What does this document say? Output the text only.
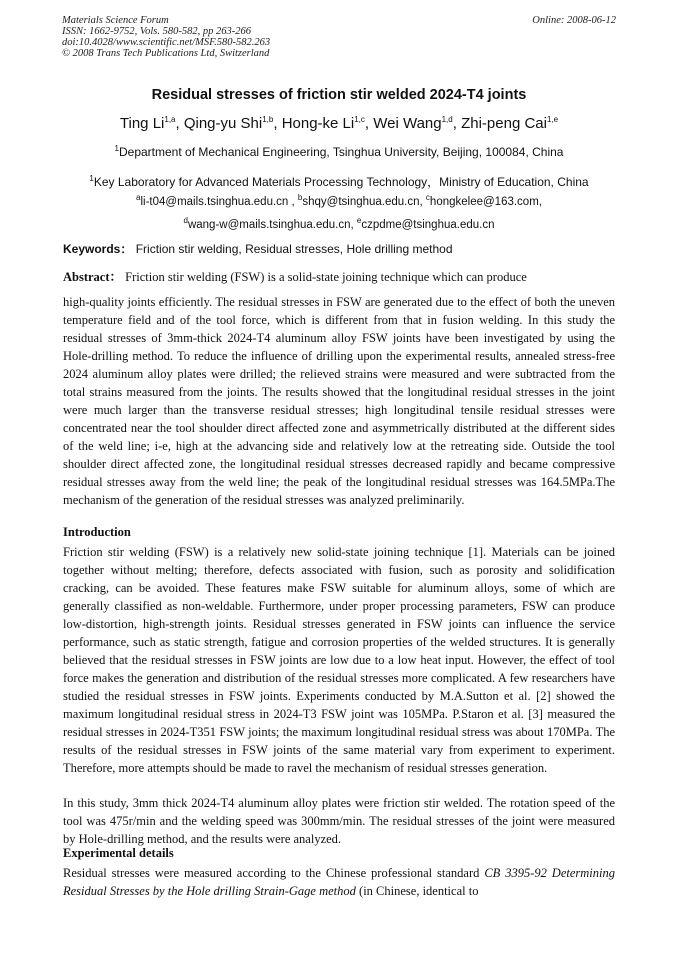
Materials Science Forum
ISSN: 1662-9752, Vols. 580-582, pp 263-266
doi:10.4028/www.scientific.net/MSF.580-582.263
© 2008 Trans Tech Publications Ltd, Switzerland
Online: 2008-06-12
Residual stresses of friction stir welded 2024-T4 joints
Ting Li$^{1,a}$, Qing-yu Shi$^{1,b}$, Hong-ke Li$^{1,c}$, Wei Wang$^{1,d}$, Zhi-peng Cai$^{1,e}$
$^1$Department of Mechanical Engineering, Tsinghua University, Beijing, 100084, China
$^1$Key Laboratory for Advanced Materials Processing Technology，Ministry of Education, China
$^a$li-t04@mails.tsinghua.edu.cn , $^b$shqy@tsinghua.edu.cn, $^c$hongkelee@163.com,
$^d$wang-w@mails.tsinghua.edu.cn, $^e$czpdme@tsinghua.edu.cn
Keywords： Friction stir welding, Residual stresses, Hole drilling method
Abstract： Friction stir welding (FSW) is a solid-state joining technique which can produce
high-quality joints efficiently. The residual stresses in FSW are generated due to the effect of both the uneven temperature field and of the tool force, which is different from that in fusion welding. In this study the residual stresses of 3mm-thick 2024-T4 aluminum alloy FSW joints have been investigated by using the Hole-drilling method. To reduce the influence of drilling upon the experimental results, annealed stress-free 2024 aluminum alloy plates were drilled; the relieved strains were measured and were subtracted from the total strains measured from the joints. The results showed that the longitudinal residual stresses in the joint were much larger than the transverse residual stresses; high longitudinal tensile residual stresses were concentrated near the tool shoulder direct affected zone and asymmetrically distributed at the different sides of the weld line; i-e, high at the advancing side and relatively low at the retreating side. Outside the tool shoulder direct affected zone, the longitudinal residual stresses decreased rapidly and became compressive residual stresses away from the weld line; the peak of the longitudinal residual stresses was 164.5MPa.The mechanism of the generation of the residual stresses was analyzed preliminarily.
Introduction
Friction stir welding (FSW) is a relatively new solid-state joining technique [1]. Materials can be joined together without melting; therefore, defects associated with fusion, such as porosity and solidification cracking, can be avoided. These features make FSW suitable for aluminum alloys, some of which are generally classified as non-weldable. Furthermore, under proper processing parameters, FSW can produce low-distortion, high-strength joints. Residual stresses generated in FSW joints can influence the service performance, such as static strength, fatigue and corrosion properties of the welded structures. It is generally believed that the residual stresses in FSW joints are low due to a low heat input. However, the effect of tool force makes the generation and distribution of the residual stresses more complicated. A few researchers have studied the residual stresses in FSW joints. Experiments conducted by M.A.Sutton et al. [2] showed the maximum longitudinal residual stress in 2024-T3 FSW joint was 105MPa. P.Staron et al. [3] measured the residual stresses in 2024-T351 FSW joints; the maximum longitudinal residual stress was about 170MPa. The results of the residual stresses in FSW joints of the same material vary from experiment to experiment. Therefore, more attempts should be made to ravel the mechanism of residual stresses generation.
In this study, 3mm thick 2024-T4 aluminum alloy plates were friction stir welded. The rotation speed of the tool was 475r/min and the welding speed was 300mm/min. The residual stresses of the joint were measured by Hole-drilling method, and the results were analyzed.
Experimental details
Residual stresses were measured according to the Chinese professional standard CB 3395-92 Determining Residual Stresses by the Hole drilling Strain-Gage method (in Chinese, identical to
